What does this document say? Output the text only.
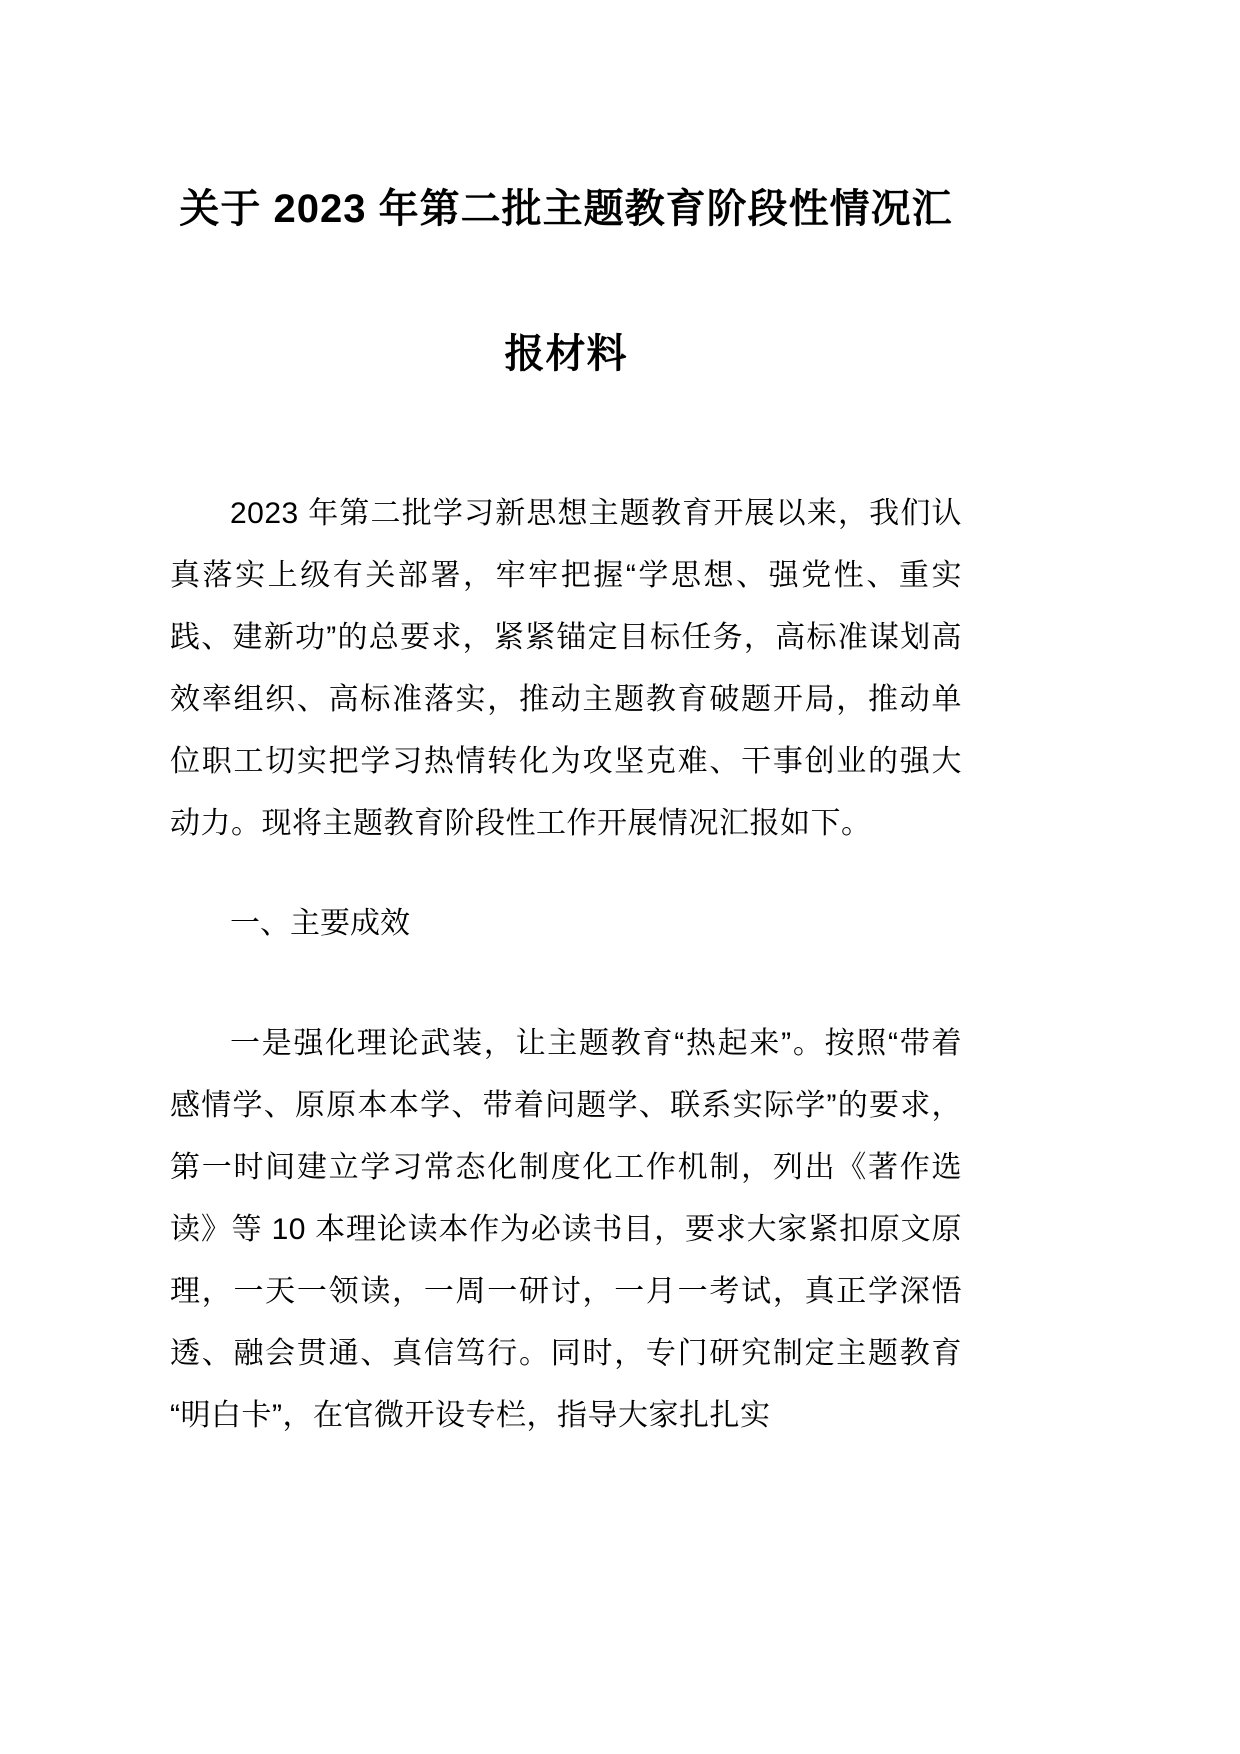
关于 2023 年第二批主题教育阶段性情况汇报材料

2023 年第二批学习新思想主题教育开展以来，我们认真落实上级有关部署，牢牢把握“学思想、强党性、重实践、建新功”的总要求，紧紧锚定目标任务，高标准谋划高效率组织、高标准落实，推动主题教育破题开局，推动单位职工切实把学习热情转化为攻坚克难、干事创业的强大动力。现将主题教育阶段性工作开展情况汇报如下。

一、主要成效

一是强化理论武装，让主题教育“热起来”。按照“带着感情学、原原本本学、带着问题学、联系实际学”的要求，第一时间建立学习常态化制度化工作机制，列出《著作选读》等 10 本理论读本作为必读书目，要求大家紧扣原文原理，一天一领读，一周一研讨，一月一考试，真正学深悟透、融会贯通、真信笃行。同时，专门研究制定主题教育“明白卡”，在官微开设专栏，指导大家扎扎实
